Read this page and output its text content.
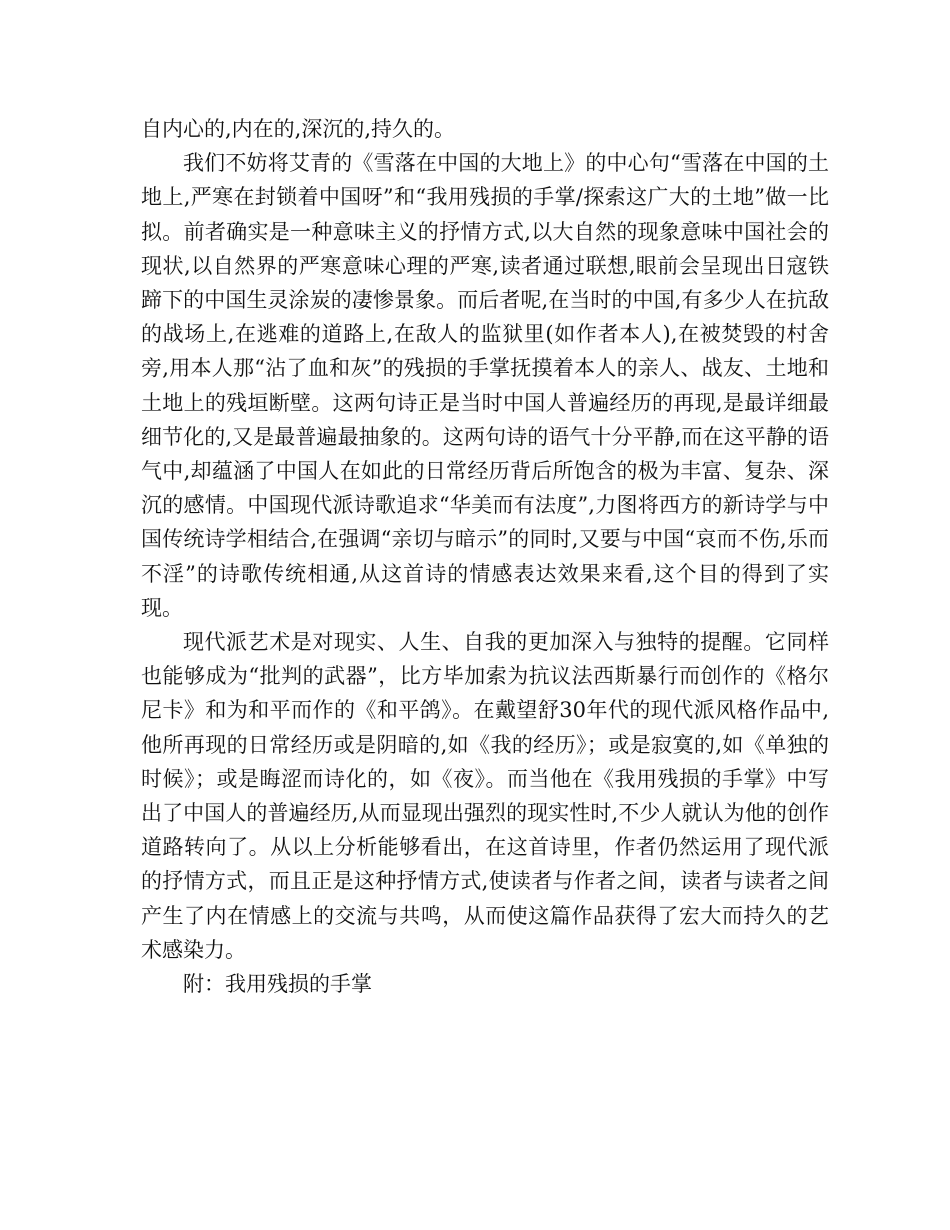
自内心的,内在的,深沉的,持久的。

我们不妨将艾青的《雪落在中国的大地上》的中心句“雪落在中国的土地上,严寒在封锁着中国呀”和“我用残损的手掌/探索这广大的土地”做一比拟。前者确实是一种意味主义的抒情方式,以大自然的现象意味中国社会的现状,以自然界的严寒意味心理的严寒,读者通过联想,眼前会呈现出日寇铁蹄下的中国生灵涂炭的凄惨景象。而后者呢,在当时的中国,有多少人在抗敌的战场上,在逃难的道路上,在敌人的监狱里(如作者本人),在被焚毁的村舍旁,用本人那“沾了血和灰”的残损的手掌抚摸着本人的亲人、战友、土地和土地上的残垣断壁。这两句诗正是当时中国人普遍经历的再现,是最详细最细节化的,又是最普遍最抽象的。这两句诗的语气十分平静,而在这平静的语气中,却蕴涵了中国人在如此的日常经历背后所饱含的极为丰富、复杂、深沉的感情。中国现代派诗歌追求“华美而有法度”,力图将西方的新诗学与中国传统诗学相结合,在强调“亲切与暗示”的同时,又要与中国“哀而不伤,乐而不淫”的诗歌传统相通,从这首诗的情感表达效果来看,这个目的得到了实现。

现代派艺术是对现实、人生、自我的更加深入与独特的提醒。它同样也能够成为“批判的武器”，比方毕加索为抗议法西斯暴行而创作的《格尔尼卡》和为和平而作的《和平鸽》。在戴望舒30年代的现代派风格作品中,他所再现的日常经历或是阴暗的,如《我的经历》；或是寂寞的,如《单独的时候》；或是晦涩而诗化的，如《夜》。而当他在《我用残损的手掌》中写出了中国人的普遍经历,从而显现出强烈的现实性时,不少人就认为他的创作道路转向了。从以上分析能够看出，在这首诗里，作者仍然运用了现代派的抒情方式，而且正是这种抒情方式,使读者与作者之间，读者与读者之间产生了内在情感上的交流与共鸣，从而使这篇作品获得了宏大而持久的艺术感染力。

附：我用残损的手掌
